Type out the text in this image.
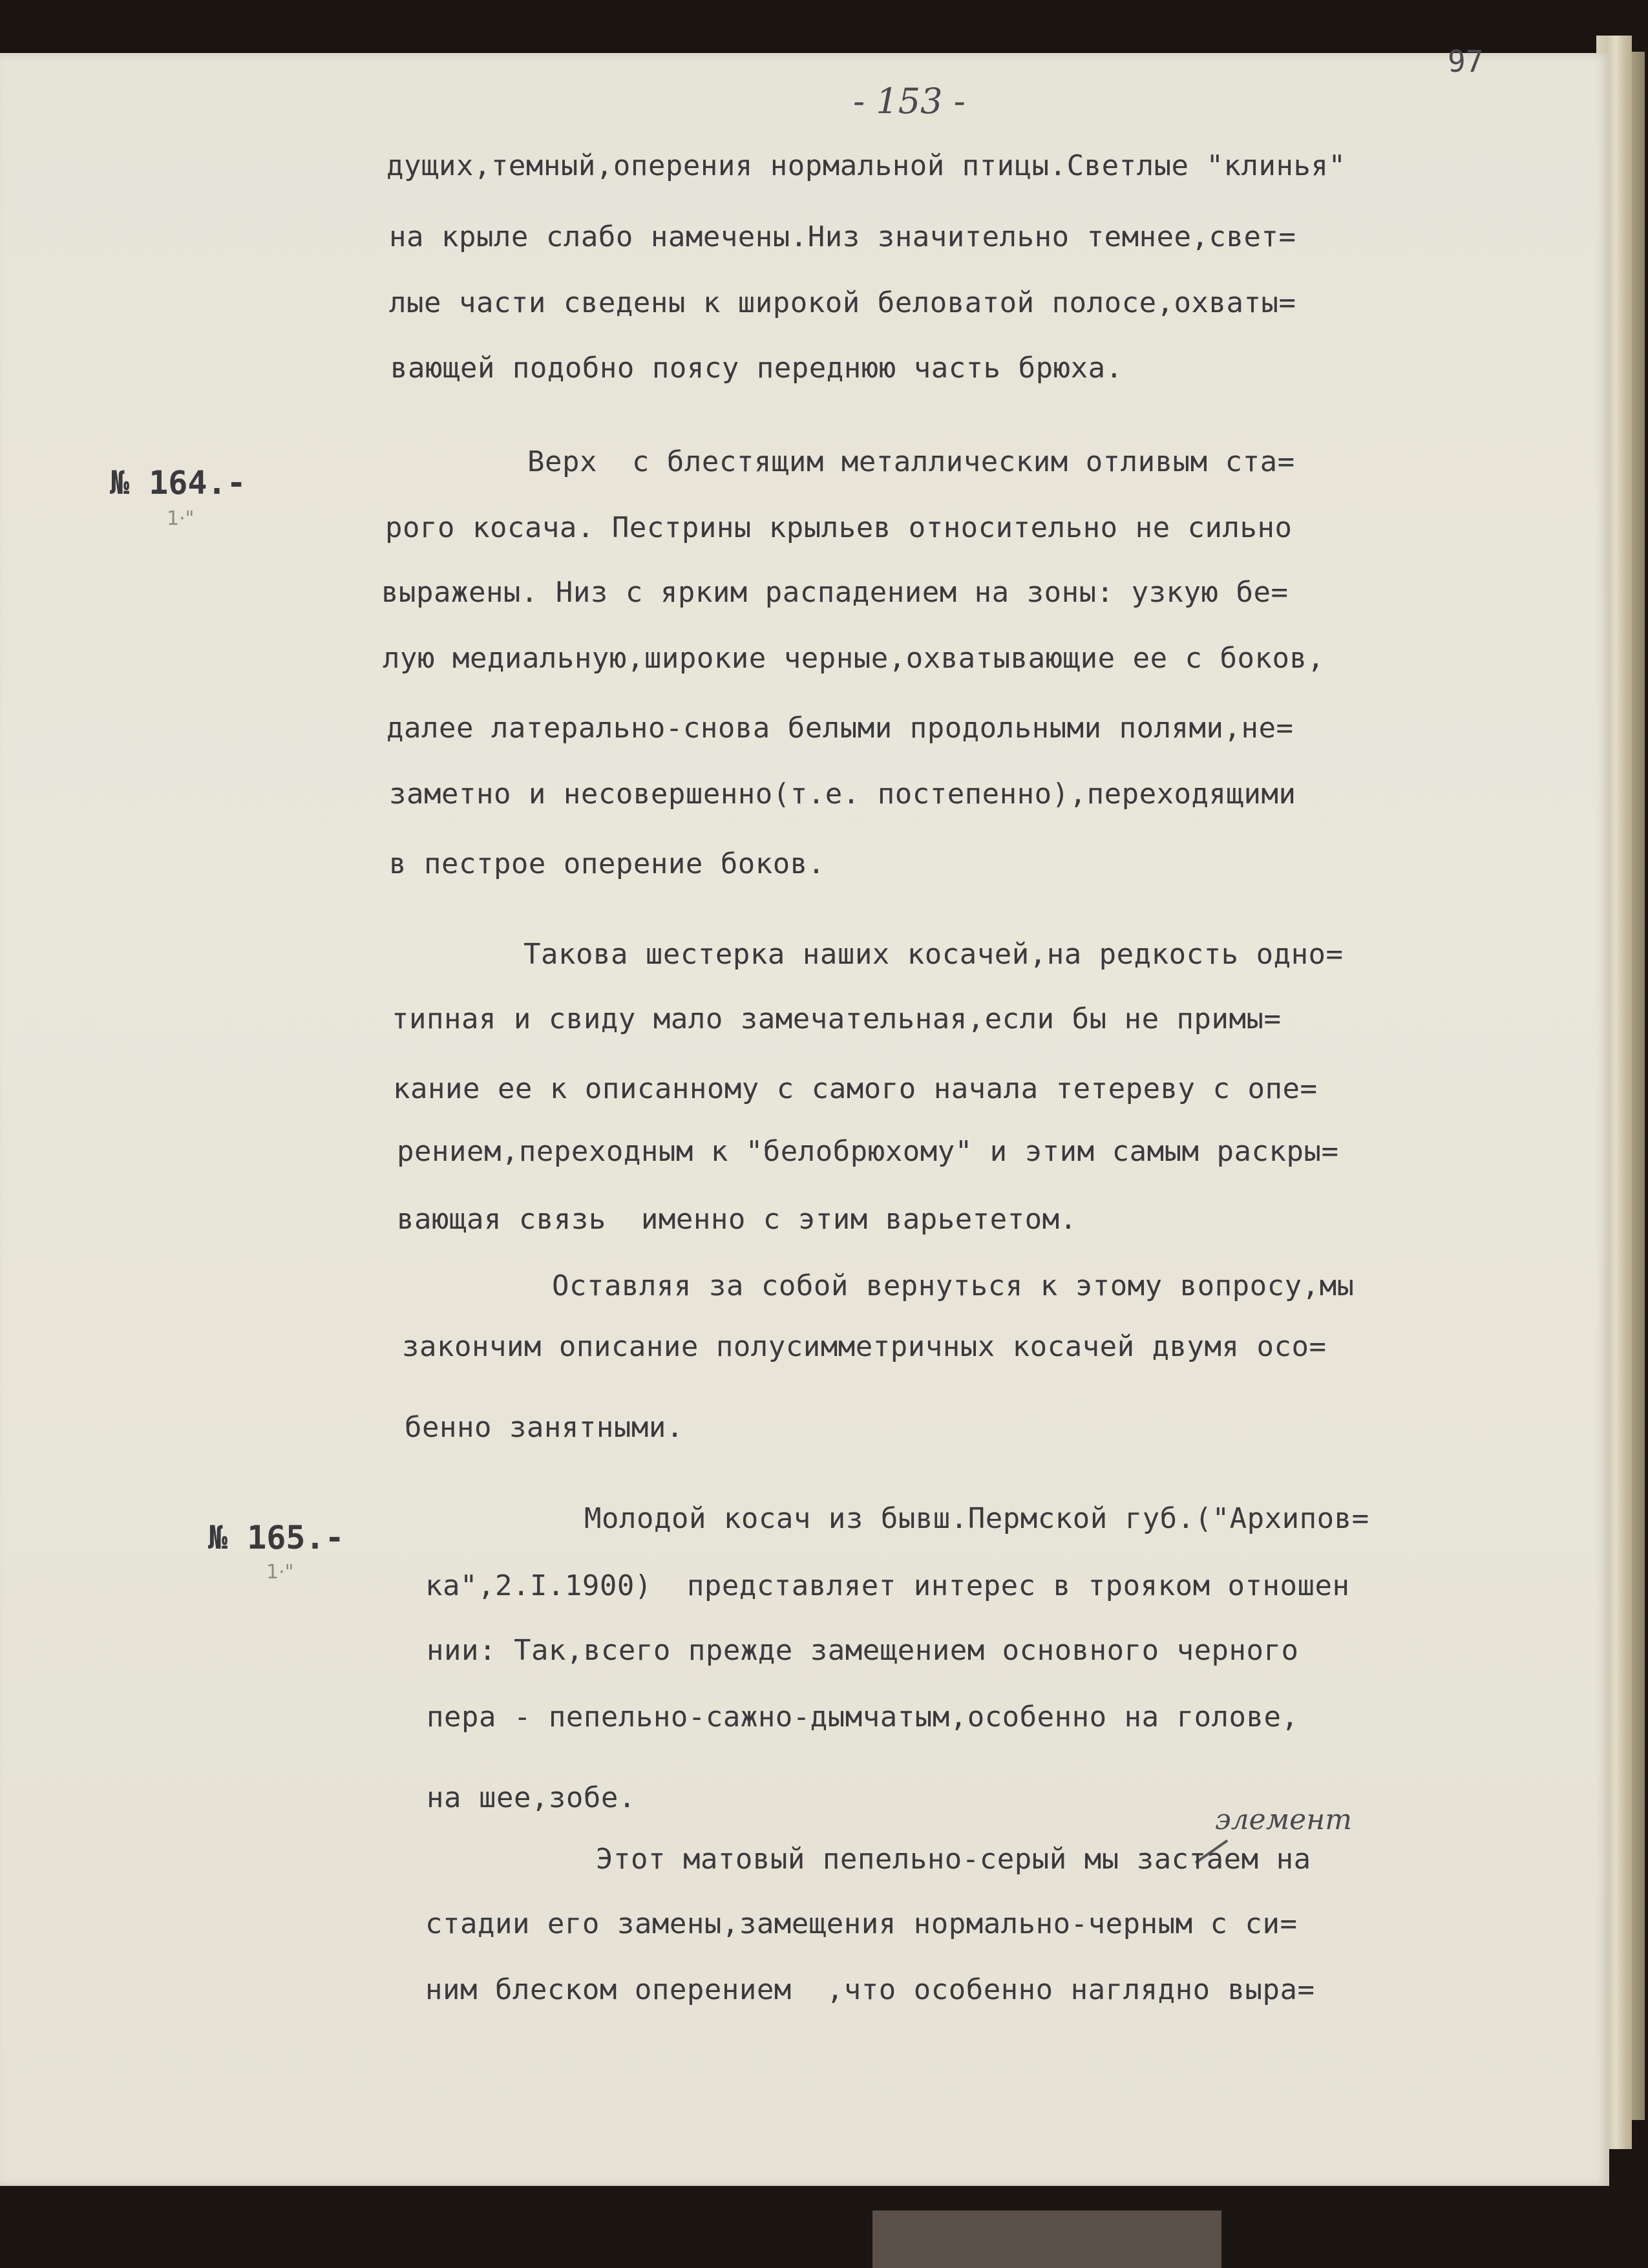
97
- 153 -
№ 164.-
1·"
№ 165.-
1·"
дущих,темный,оперения нормальной птицы.Светлые "клинья"
на крыле слабо намечены.Низ значительно темнее,свет=
лые части сведены к широкой беловатой полосе,охваты=
вающей подобно поясу переднюю часть брюха.
Верх  с блестящим металлическим отливым ста=
рого косача. Пестрины крыльев относительно не сильно
выражены. Низ с ярким распадением на зоны: узкую бе=
лую медиальную,широкие черные,охватывающие ее с боков,
далее латерально-снова белыми продольными полями,не=
заметно и несовершенно(т.е. постепенно),переходящими
в пестрое оперение боков.
Такова шестерка наших косачей,на редкость одно=
типная и свиду мало замечательная,если бы не примы=
кание ее к описанному с самого начала тетереву с опе=
рением,переходным к "белобрюхому" и этим самым раскры=
вающая связь  именно с этим варьететом.
Оставляя за собой вернуться к этому вопросу,мы
закончим описание полусимметричных косачей двумя осо=
бенно занятными.
Молодой косач из бывш.Пермской губ.("Архипов=
ка",2.I.1900)  представляет интерес в трояком отношен
нии: Так,всего прежде замещением основного черного
пера - пепельно-сажно-дымчатым,особенно на голове,
на шее,зобе.
элемент
Этот матовый пепельно-серый мы застаем на
стадии его замены,замещения нормально-черным с си=
ним блеском оперением  ,что особенно наглядно выра=
